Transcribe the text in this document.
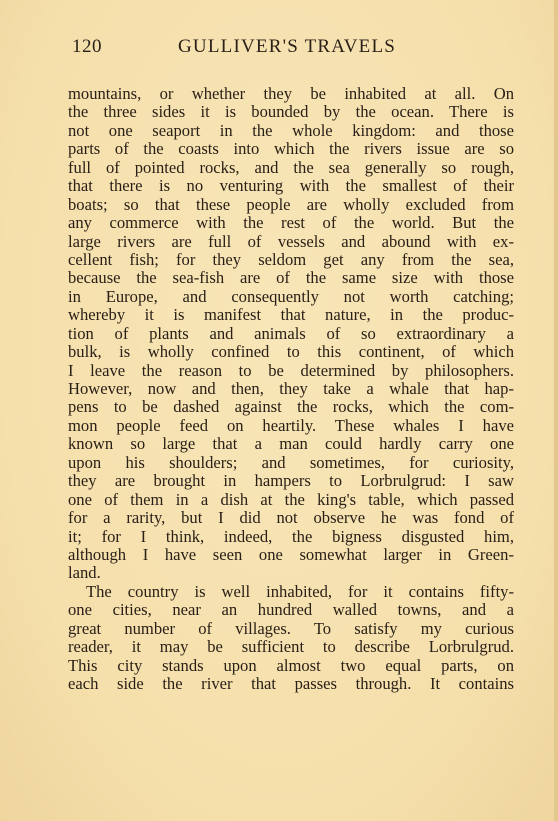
120	GULLIVER'S TRAVELS
mountains, or whether they be inhabited at all. On
the three sides it is bounded by the ocean. There is
not one seaport in the whole kingdom: and those
parts of the coasts into which the rivers issue are so
full of pointed rocks, and the sea generally so rough,
that there is no venturing with the smallest of their
boats; so that these people are wholly excluded from
any commerce with the rest of the world. But the
large rivers are full of vessels and abound with ex-
cellent fish; for they seldom get any from the sea,
because the sea-fish are of the same size with those
in Europe, and consequently not worth catching;
whereby it is manifest that nature, in the produc-
tion of plants and animals of so extraordinary a
bulk, is wholly confined to this continent, of which
I leave the reason to be determined by philosophers.
However, now and then, they take a whale that hap-
pens to be dashed against the rocks, which the com-
mon people feed on heartily. These whales I have
known so large that a man could hardly carry one
upon his shoulders; and sometimes, for curiosity,
they are brought in hampers to Lorbrulgrud: I saw
one of them in a dish at the king's table, which passed
for a rarity, but I did not observe he was fond of
it; for I think, indeed, the bigness disgusted him,
although I have seen one somewhat larger in Green-
land.
The country is well inhabited, for it contains fifty-
one cities, near an hundred walled towns, and a
great number of villages. To satisfy my curious
reader, it may be sufficient to describe Lorbrulgrud.
This city stands upon almost two equal parts, on
each side the river that passes through. It contains
